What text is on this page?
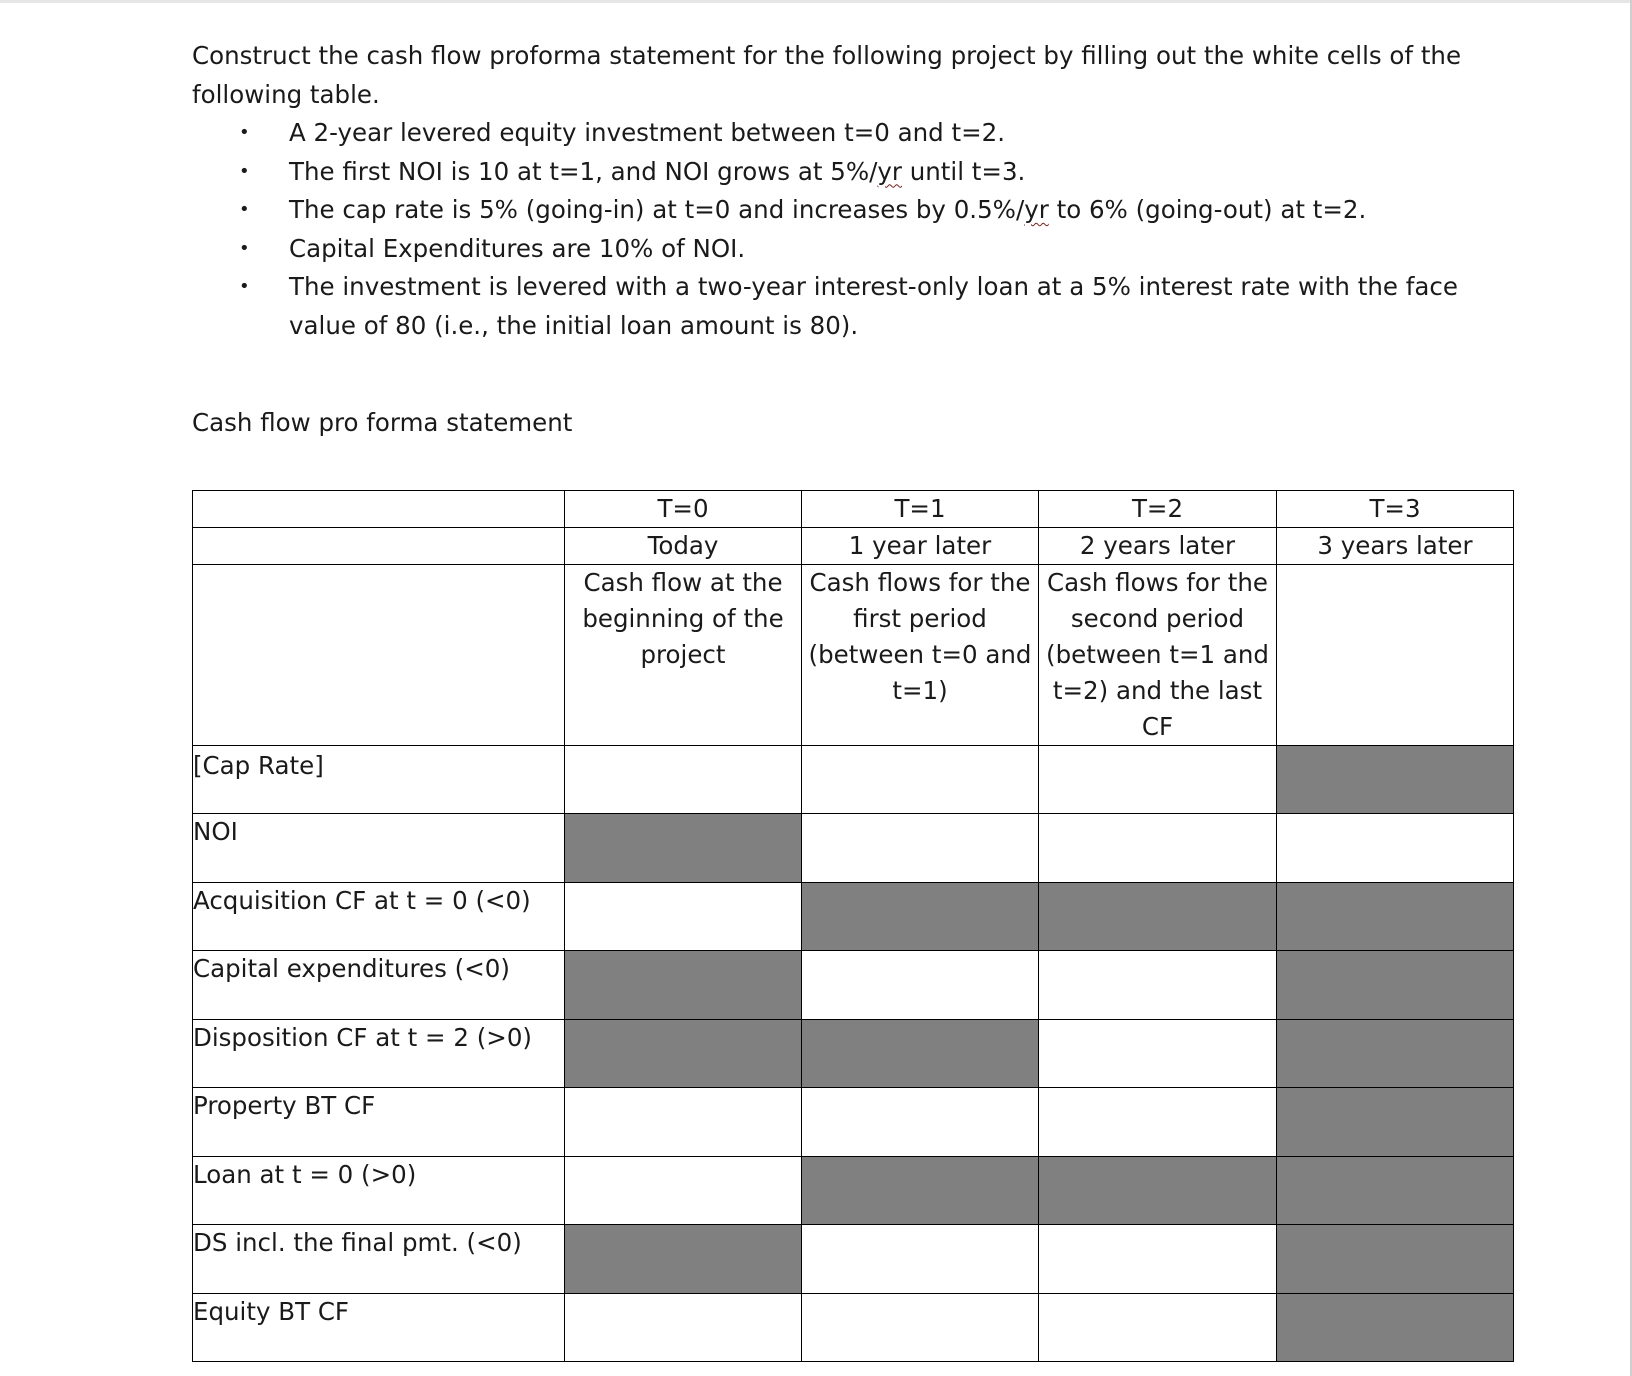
Construct the cash flow proforma statement for the following project by filling out the white cells of the following table.

• A 2-year levered equity investment between t=0 and t=2.
• The first NOI is 10 at t=1, and NOI grows at 5%/yr until t=3.
• The cap rate is 5% (going-in) at t=0 and increases by 0.5%/yr to 6% (going-out) at t=2.
• Capital Expenditures are 10% of NOI.
• The investment is levered with a two-year interest-only loan at a 5% interest rate with the face value of 80 (i.e., the initial loan amount is 80).

Cash flow pro forma statement

	T=0	T=1	T=2	T=3
	Today	1 year later	2 years later	3 years later
	Cash flow at the beginning of the project	Cash flows for the first period (between t=0 and t=1)	Cash flows for the second period (between t=1 and t=2) and the last CF	
[Cap Rate]				
NOI				
Acquisition CF at t = 0 (<0)				
Capital expenditures (<0)				
Disposition CF at t = 2 (>0)				
Property BT CF				
Loan at t = 0 (>0)				
DS incl. the final pmt. (<0)				
Equity BT CF				
